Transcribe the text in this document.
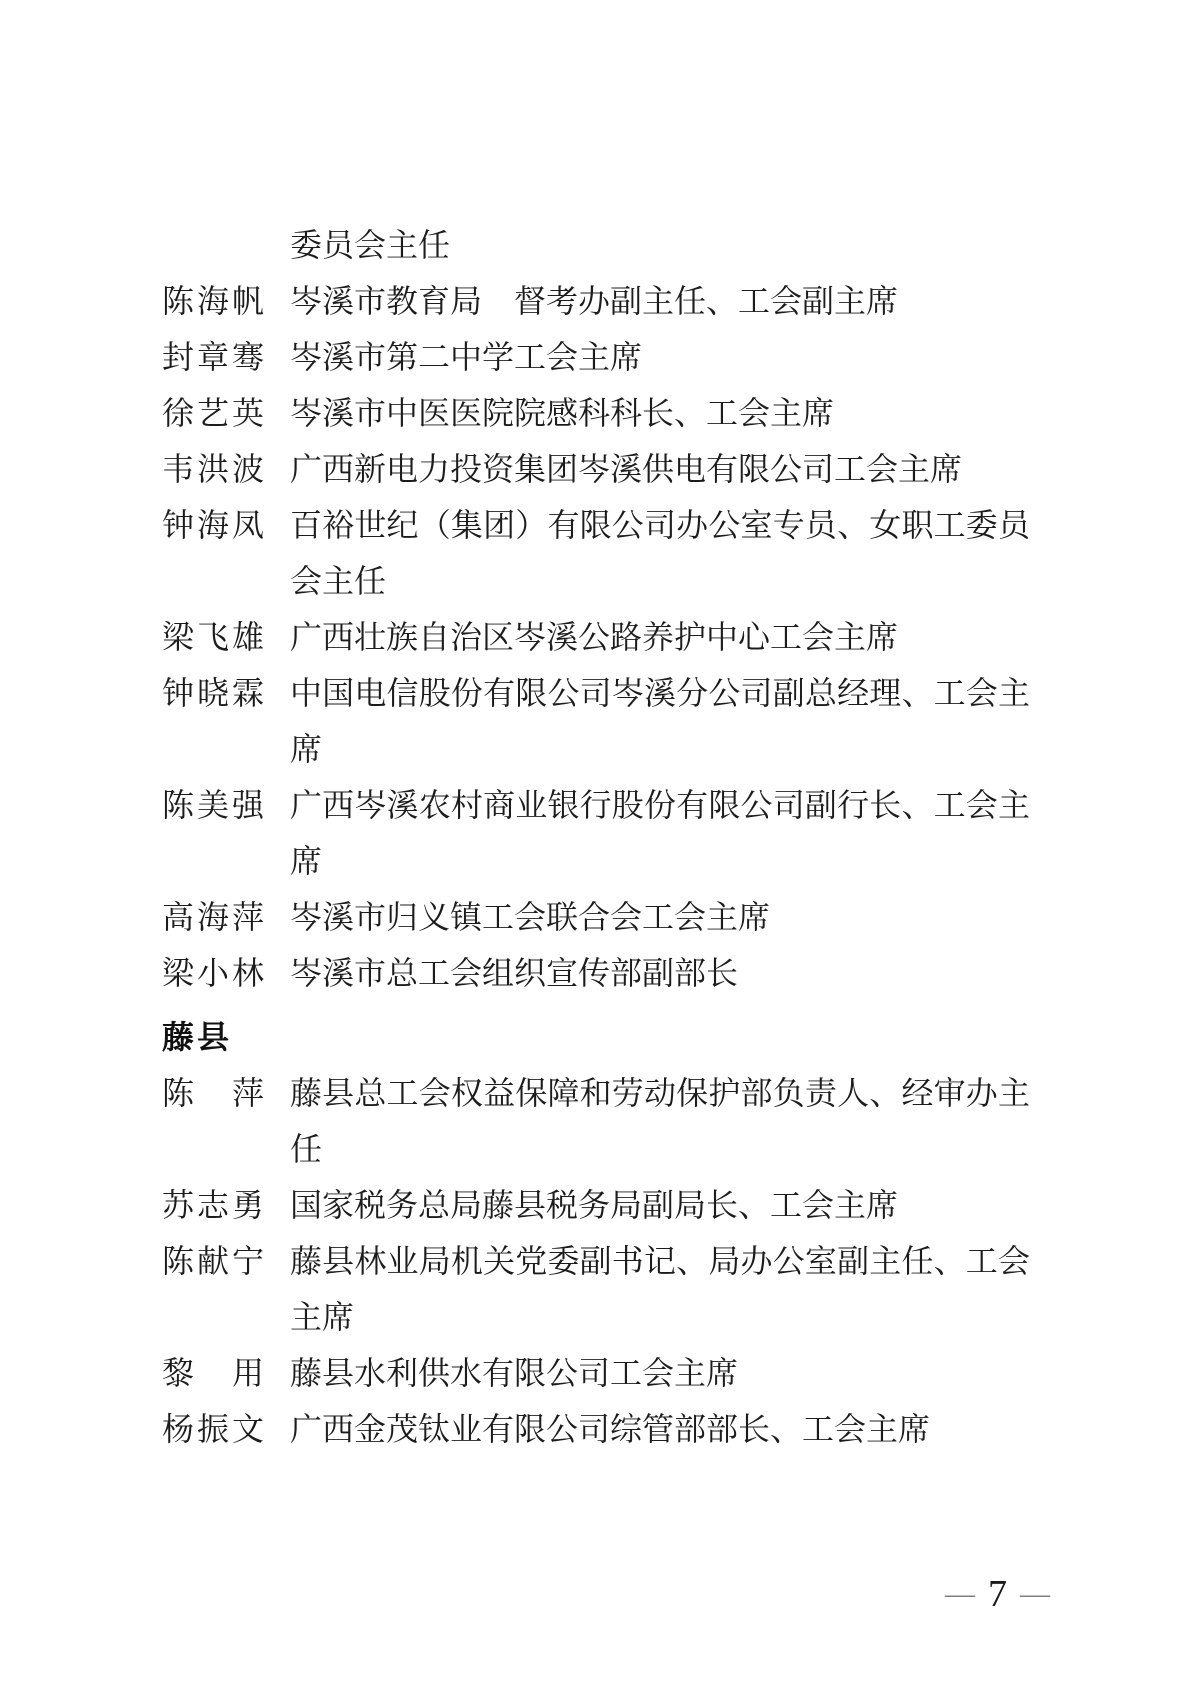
委员会主任
陈海帆 岑溪市教育局　督考办副主任、工会副主席
封章骞 岑溪市第二中学工会主席
徐艺英 岑溪市中医医院院感科科长、工会主席
韦洪波 广西新电力投资集团岑溪供电有限公司工会主席
钟海凤 百裕世纪（集团）有限公司办公室专员、女职工委员会主任
梁飞雄 广西壮族自治区岑溪公路养护中心工会主席
钟晓霖 中国电信股份有限公司岑溪分公司副总经理、工会主席
陈美强 广西岑溪农村商业银行股份有限公司副行长、工会主席
高海萍 岑溪市归义镇工会联合会工会主席
梁小林 岑溪市总工会组织宣传部副部长
藤县
陈　萍 藤县总工会权益保障和劳动保护部负责人、经审办主任
苏志勇 国家税务总局藤县税务局副局长、工会主席
陈献宁 藤县林业局机关党委副书记、局办公室副主任、工会主席
黎　用 藤县水利供水有限公司工会主席
杨振文 广西金茂钛业有限公司综管部部长、工会主席
— 7 —
